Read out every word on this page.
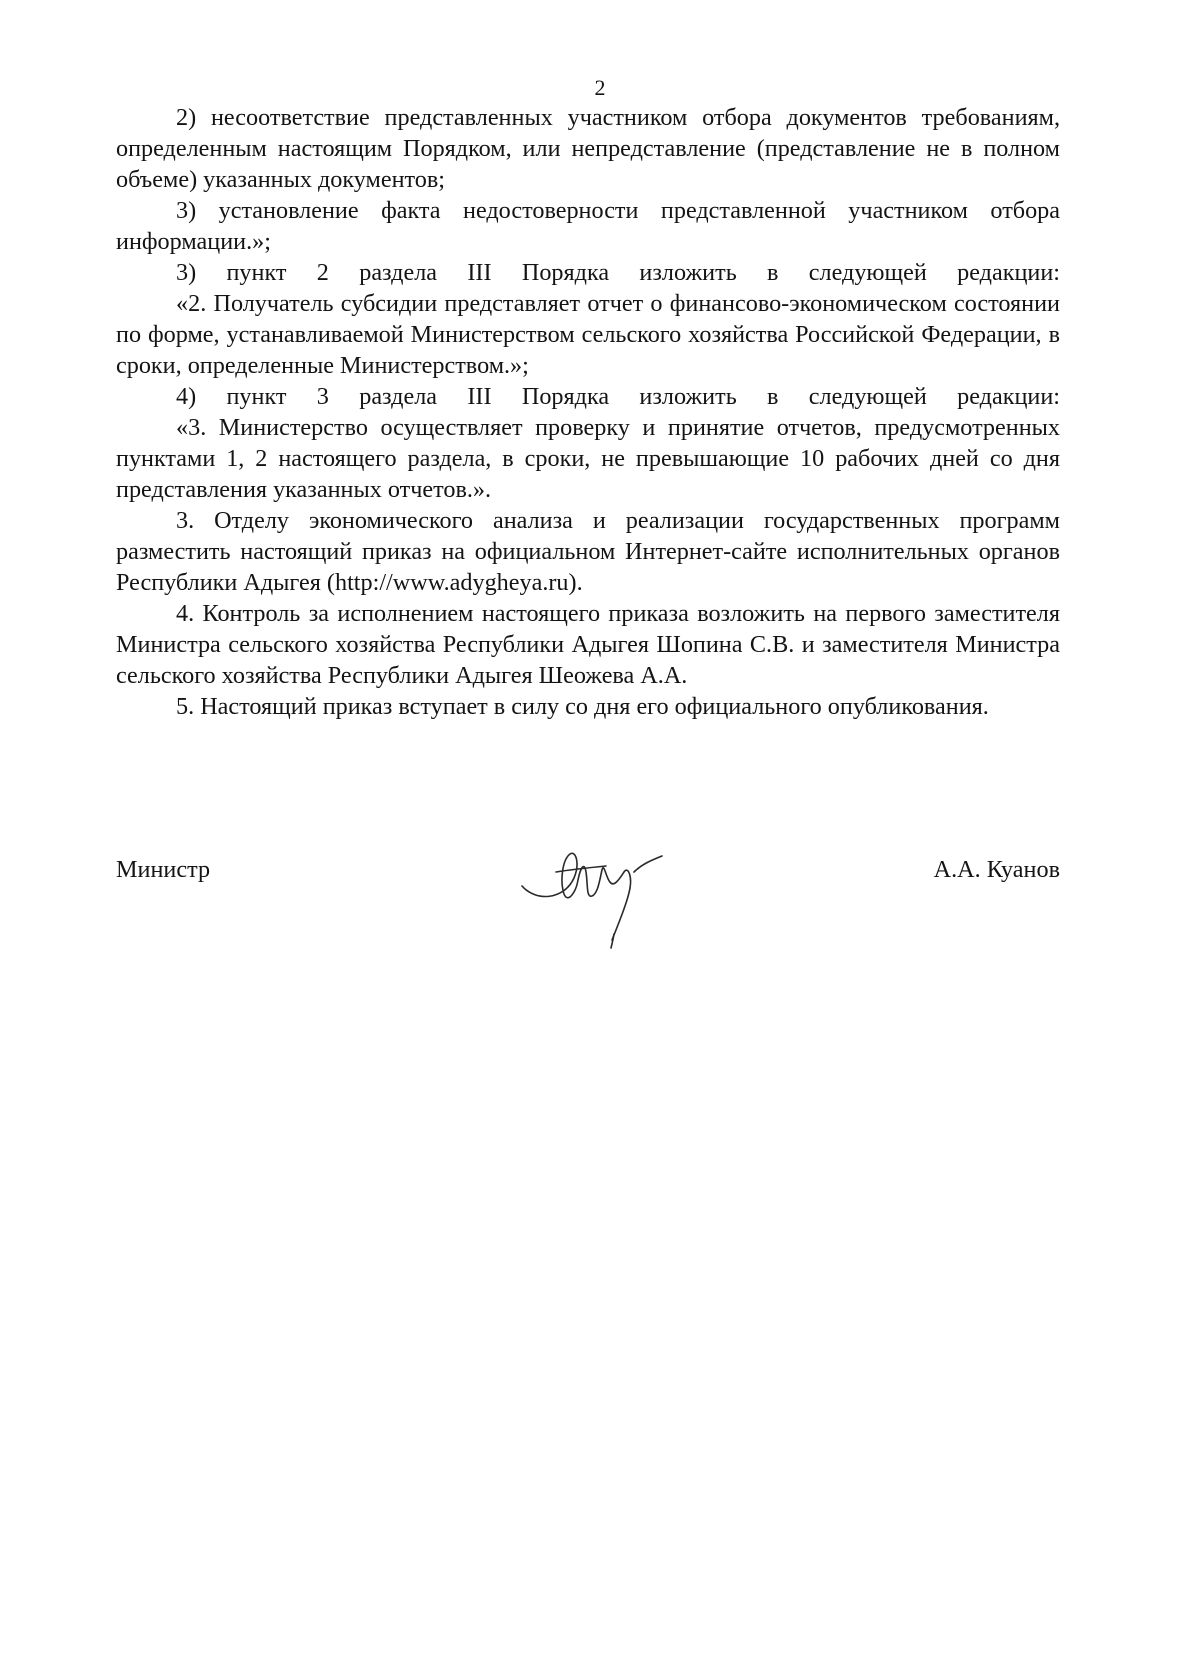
2

2) несоответствие представленных участником отбора документов требованиям, определенным настоящим Порядком, или непредставление (представление не в полном объеме) указанных документов;

3) установление факта недостоверности представленной участником отбора информации.»;

3) пункт 2 раздела III Порядка изложить в следующей редакции:

«2. Получатель субсидии представляет отчет о финансово-экономическом состоянии по форме, устанавливаемой Министерством сельского хозяйства Российской Федерации, в сроки, определенные Министерством.»;

4) пункт 3 раздела III Порядка изложить в следующей редакции:

«3. Министерство осуществляет проверку и принятие отчетов, предусмотренных пунктами 1, 2 настоящего раздела, в сроки, не превышающие 10 рабочих дней со дня представления указанных отчетов.».

3. Отделу экономического анализа и реализации государственных программ разместить настоящий приказ на официальном Интернет-сайте исполнительных органов Республики Адыгея (http://www.adygheya.ru).

4. Контроль за исполнением настоящего приказа возложить на первого заместителя Министра сельского хозяйства Республики Адыгея Шопина С.В. и заместителя Министра сельского хозяйства Республики Адыгея Шеожева А.А.

5. Настоящий приказ вступает в силу со дня его официального опубликования.

Министр	А.А. Куанов
